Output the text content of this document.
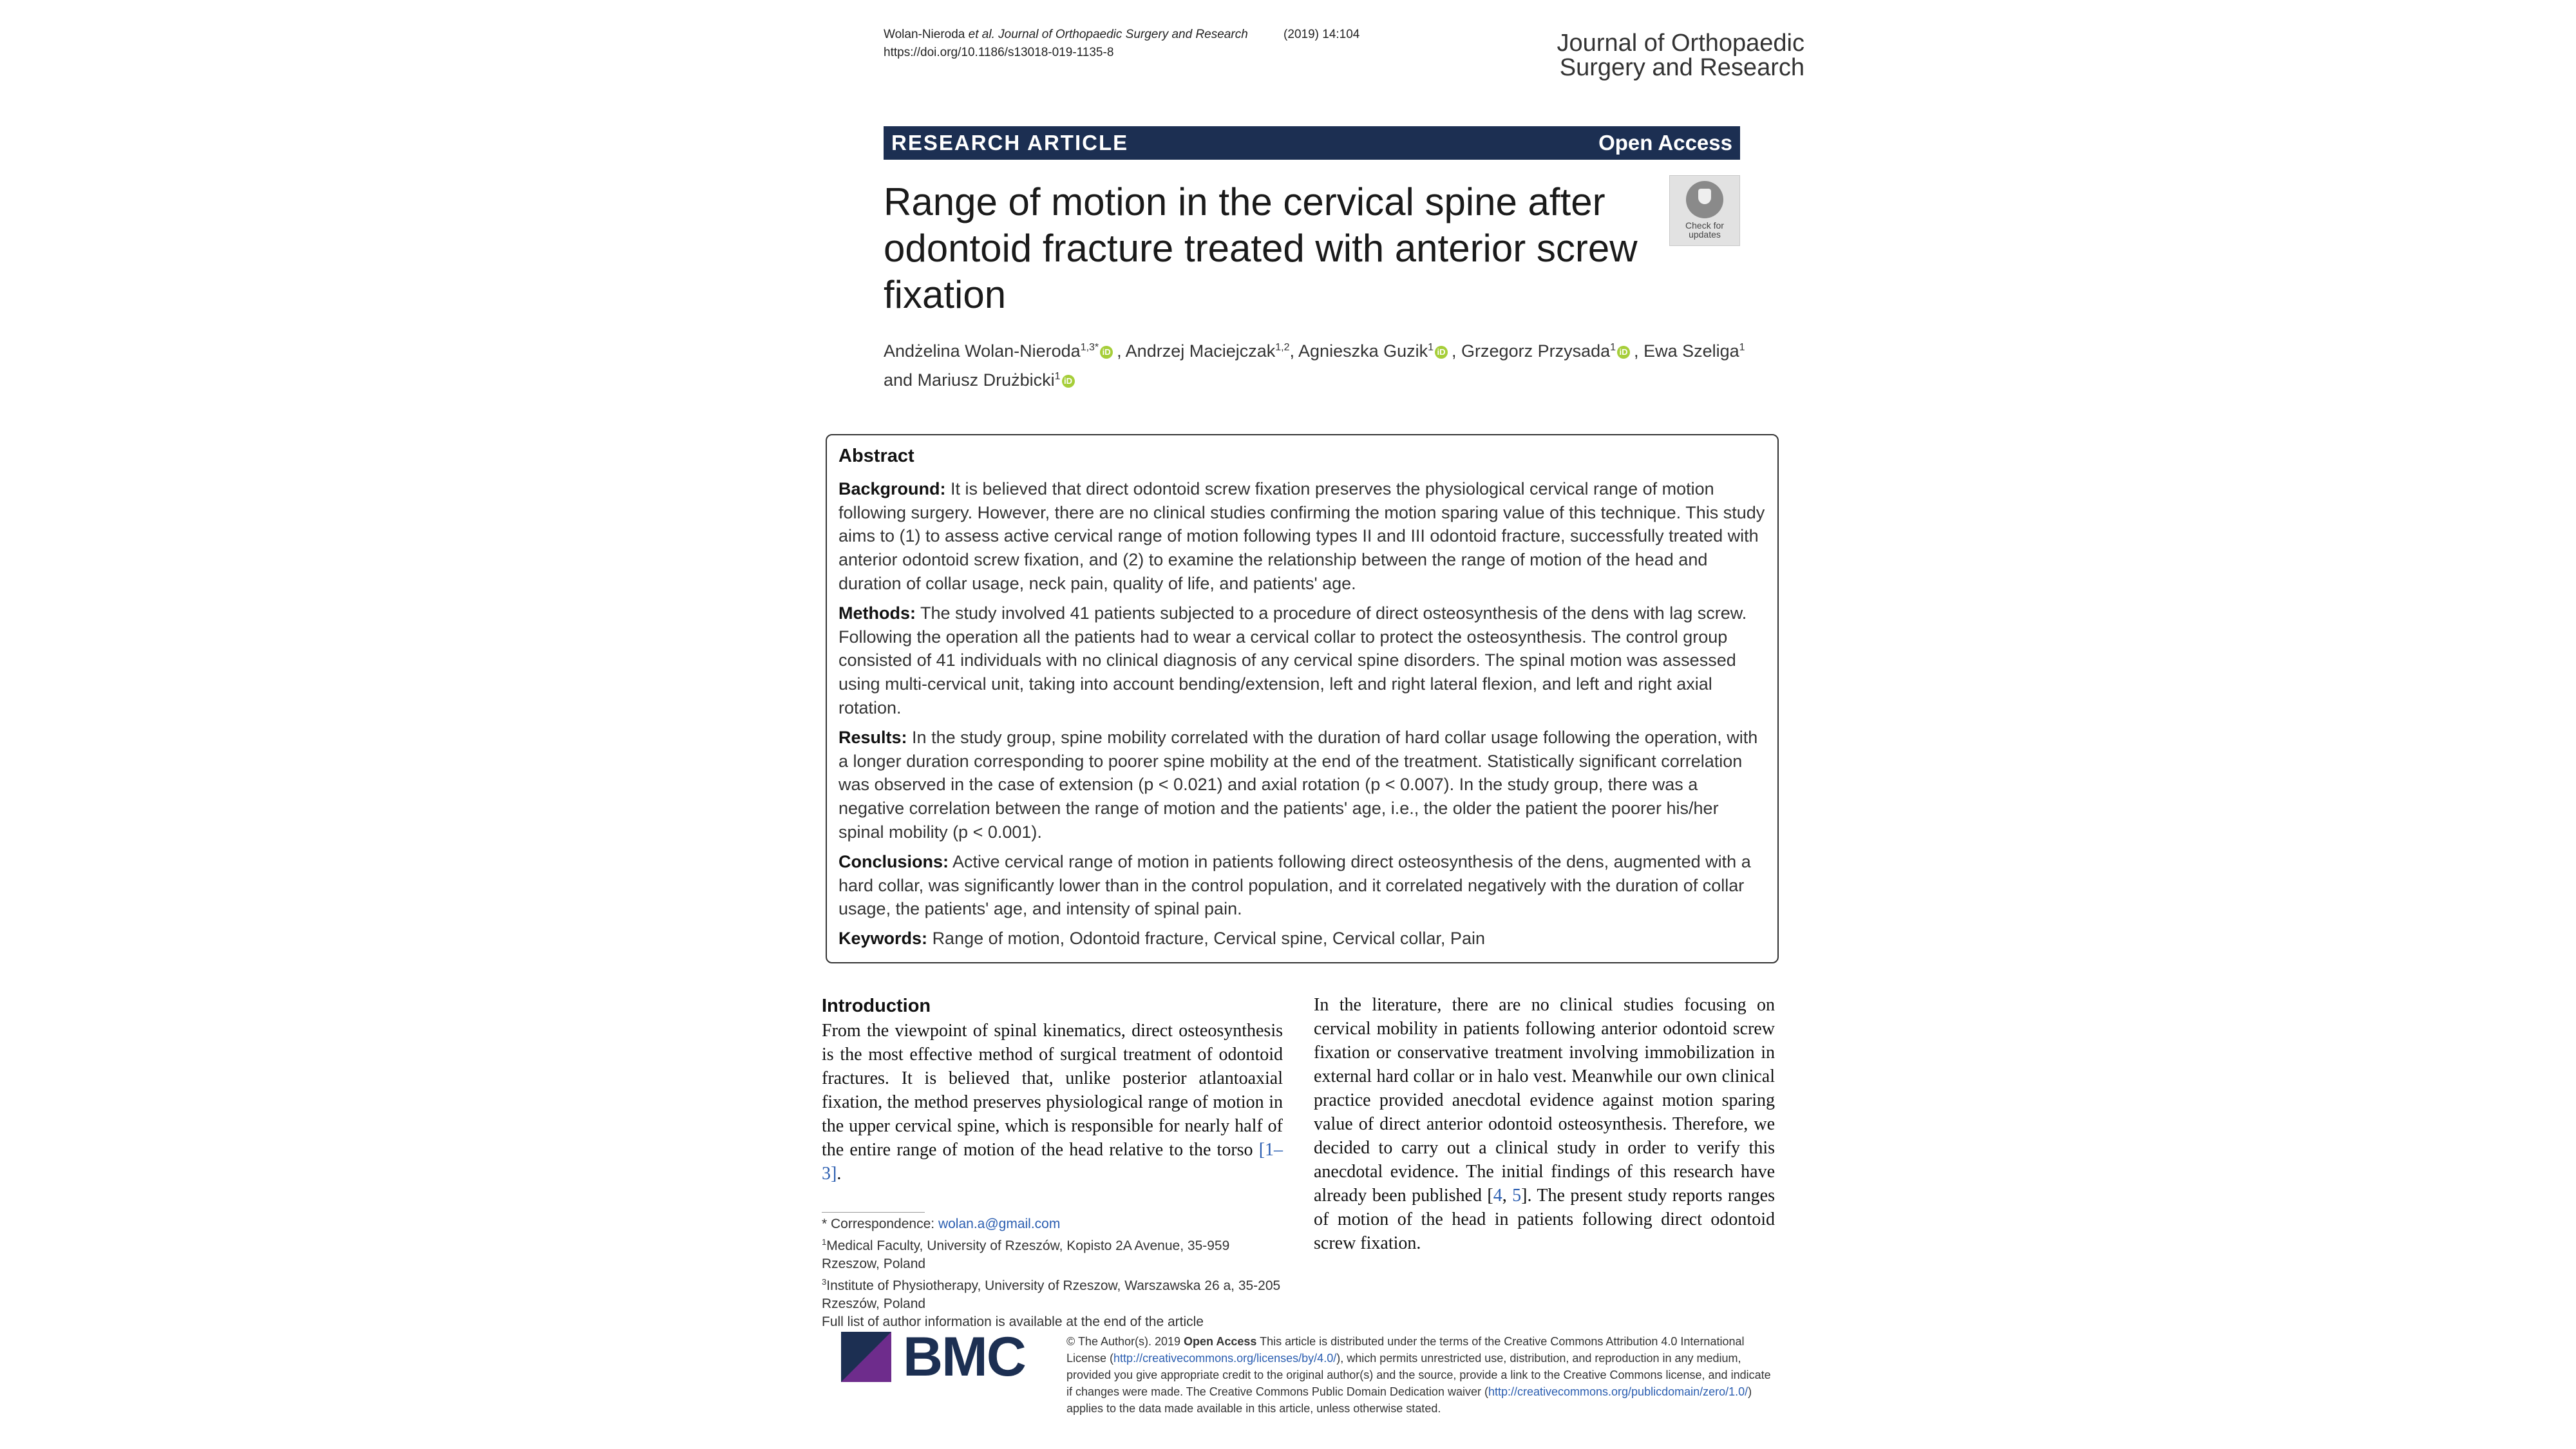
Wolan-Nieroda et al. Journal of Orthopaedic Surgery and Research	(2019) 14:104
https://doi.org/10.1186/s13018-019-1135-8	Journal of Orthopaedic
Surgery and Research
RESEARCH ARTICLE	Open Access
Range of motion in the cervical spine after odontoid fracture treated with anterior screw fixation
Check for
updates
Andżelina Wolan-Nieroda$^{1,3*}$ iD , Andrzej Maciejczak$^{1,2}$, Agnieszka Guzik$^1$ iD , Grzegorz Przysada$^1$ iD , Ewa Szeliga$^1$ and Mariusz Drużbicki$^1$ iD
Abstract

Background: It is believed that direct odontoid screw fixation preserves the physiological cervical range of motion following surgery. However, there are no clinical studies confirming the motion sparing value of this technique. This study aims to (1) to assess active cervical range of motion following types II and III odontoid fracture, successfully treated with anterior odontoid screw fixation, and (2) to examine the relationship between the range of motion of the head and duration of collar usage, neck pain, quality of life, and patients' age.

Methods: The study involved 41 patients subjected to a procedure of direct osteosynthesis of the dens with lag screw. Following the operation all the patients had to wear a cervical collar to protect the osteosynthesis. The control group consisted of 41 individuals with no clinical diagnosis of any cervical spine disorders. The spinal motion was assessed using multi-cervical unit, taking into account bending/extension, left and right lateral flexion, and left and right axial rotation.

Results: In the study group, spine mobility correlated with the duration of hard collar usage following the operation, with a longer duration corresponding to poorer spine mobility at the end of the treatment. Statistically significant correlation was observed in the case of extension (p < 0.021) and axial rotation (p < 0.007). In the study group, there was a negative correlation between the range of motion and the patients' age, i.e., the older the patient the poorer his/her spinal mobility (p < 0.001).

Conclusions: Active cervical range of motion in patients following direct osteosynthesis of the dens, augmented with a hard collar, was significantly lower than in the control population, and it correlated negatively with the duration of collar usage, the patients' age, and intensity of spinal pain.

Keywords: Range of motion, Odontoid fracture, Cervical spine, Cervical collar, Pain

Introduction

From the viewpoint of spinal kinematics, direct osteosynthesis is the most effective method of surgical treatment of odontoid fractures. It is believed that, unlike posterior atlantoaxial fixation, the method preserves physiological range of motion in the upper cervical spine, which is responsible for nearly half of the entire range of motion of the head relative to the torso [1–3].

In the literature, there are no clinical studies focusing on cervical mobility in patients following anterior odontoid screw fixation or conservative treatment involving immobilization in external hard collar or in halo vest. Meanwhile our own clinical practice provided anecdotal evidence against motion sparing value of direct anterior odontoid osteosynthesis. Therefore, we decided to carry out a clinical study in order to verify this anecdotal evidence. The initial findings of this research have already been published [4, 5]. The present study reports ranges of motion of the head in patients following direct odontoid screw fixation.

* Correspondence: wolan.a@gmail.com
$^1$Medical Faculty, University of Rzeszów, Kopisto 2A Avenue, 35-959 Rzeszow, Poland
$^3$Institute of Physiotherapy, University of Rzeszow, Warszawska 26 a, 35-205 Rzeszów, Poland
Full list of author information is available at the end of the article
BMC	© The Author(s). 2019 Open Access This article is distributed under the terms of the Creative Commons Attribution 4.0 International License (http://creativecommons.org/licenses/by/4.0/), which permits unrestricted use, distribution, and reproduction in any medium, provided you give appropriate credit to the original author(s) and the source, provide a link to the Creative Commons license, and indicate if changes were made. The Creative Commons Public Domain Dedication waiver (http://creativecommons.org/publicdomain/zero/1.0/) applies to the data made available in this article, unless otherwise stated.
